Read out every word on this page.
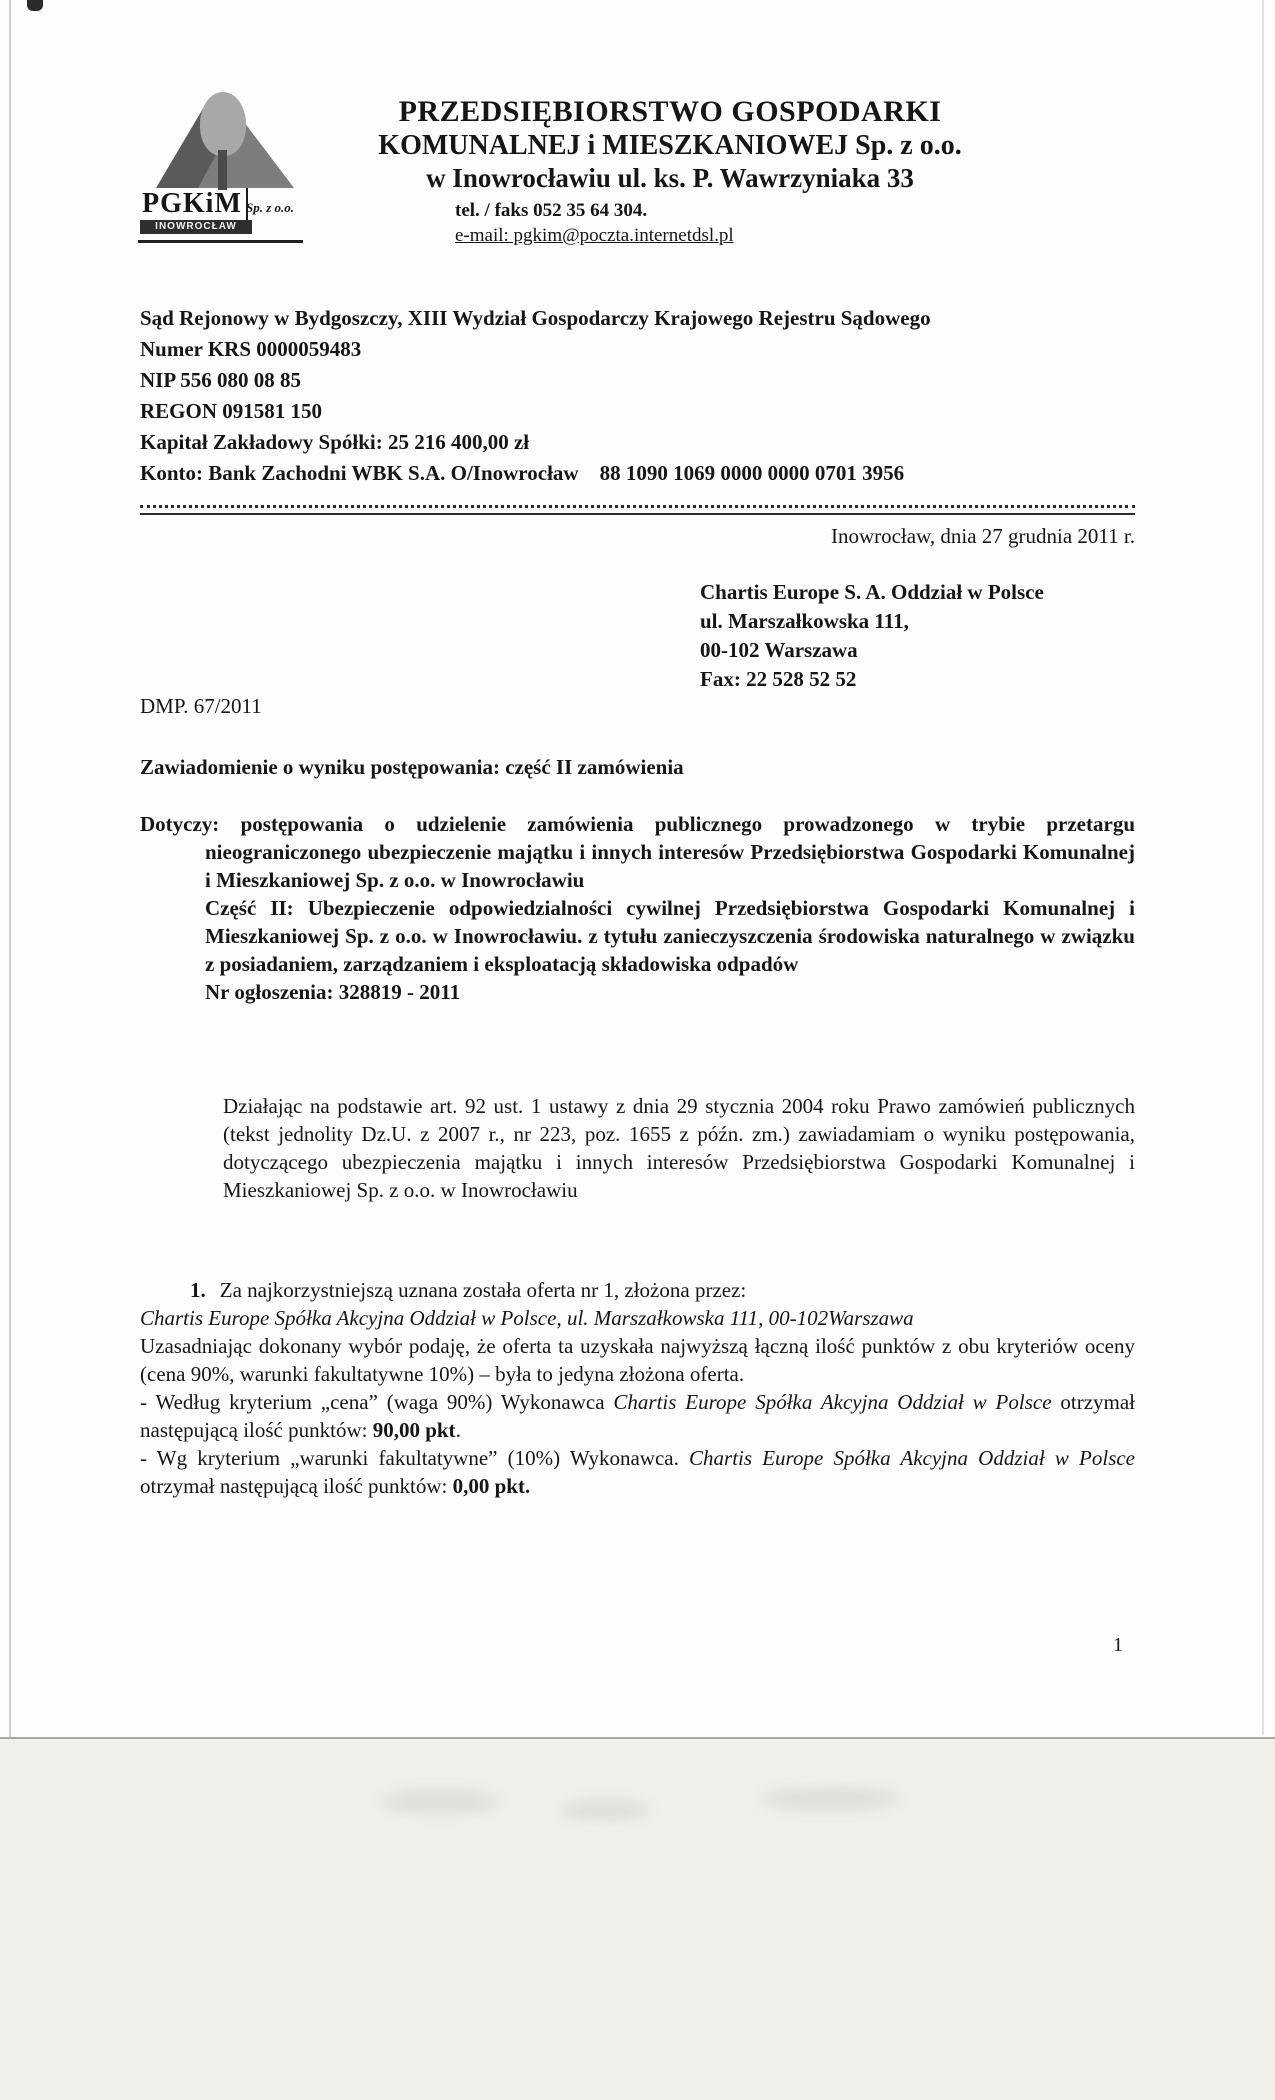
PGKiM Sp. z o.o.
INOWROCŁAW
PRZEDSIĘBIORSTWO GOSPODARKI
KOMUNALNEJ i MIESZKANIOWEJ Sp. z o.o.
w Inowrocławiu ul. ks. P. Wawrzyniaka 33
tel. / faks 052 35 64 304.
e-mail: pgkim@poczta.internetdsl.pl
Sąd Rejonowy w Bydgoszczy, XIII Wydział Gospodarczy Krajowego Rejestru Sądowego
Numer KRS 0000059483
NIP 556 080 08 85
REGON 091581 150
Kapitał Zakładowy Spółki: 25 216 400,00 zł
Konto: Bank Zachodni WBK S.A. O/Inowrocław    88 1090 1069 0000 0000 0701 3956
Inowrocław, dnia 27 grudnia 2011 r.
Chartis Europe S. A. Oddział w Polsce
ul. Marszałkowska 111,
00-102 Warszawa
Fax: 22 528 52 52
DMP. 67/2011
Zawiadomienie o wyniku postępowania: część II zamówienia

Dotyczy: postępowania o udzielenie zamówienia publicznego prowadzonego w trybie przetargu nieograniczonego ubezpieczenie majątku i innych interesów Przedsiębiorstwa Gospodarki Komunalnej i Mieszkaniowej Sp. z o.o. w Inowrocławiu

Część II: Ubezpieczenie odpowiedzialności cywilnej Przedsiębiorstwa Gospodarki Komunalnej i Mieszkaniowej Sp. z o.o. w Inowrocławiu. z tytułu zanieczyszczenia środowiska naturalnego w związku z posiadaniem, zarządzaniem i eksploatacją składowiska odpadów

Nr ogłoszenia: 328819 - 2011

Działając na podstawie art. 92 ust. 1 ustawy z dnia 29 stycznia 2004 roku Prawo zamówień publicznych (tekst jednolity Dz.U. z 2007 r., nr 223, poz. 1655 z późn. zm.) zawiadamiam o wyniku postępowania, dotyczącego ubezpieczenia majątku i innych interesów Przedsiębiorstwa Gospodarki Komunalnej i Mieszkaniowej Sp. z o.o. w Inowrocławiu

1. Za najkorzystniejszą uznana została oferta nr 1, złożona przez:

Chartis Europe Spółka Akcyjna Oddział w Polsce, ul. Marszałkowska 111, 00-102Warszawa

Uzasadniając dokonany wybór podaję, że oferta ta uzyskała najwyższą łączną ilość punktów z obu kryteriów oceny (cena 90%, warunki fakultatywne 10%) – była to jedyna złożona oferta.

- Według kryterium „cena” (waga 90%) Wykonawca Chartis Europe Spółka Akcyjna Oddział w Polsce otrzymał następującą ilość punktów: 90,00 pkt.

- Wg kryterium „warunki fakultatywne” (10%) Wykonawca. Chartis Europe Spółka Akcyjna Oddział w Polsce otrzymał następującą ilość punktów: 0,00 pkt.

1
